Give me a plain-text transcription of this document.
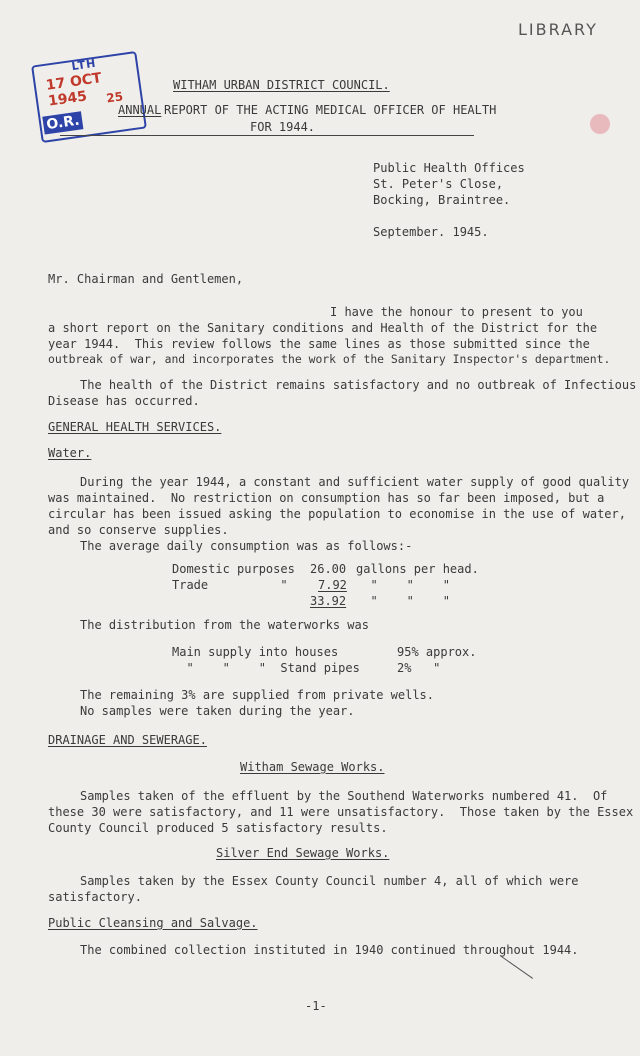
LTH
17 OCT 1945	25
O.R.
LIBRARY
WITHAM URBAN DISTRICT COUNCIL.
ANNUAL REPORT OF THE ACTING MEDICAL OFFICER OF HEALTH
FOR 1944.
Public Health Offices
St. Peter's Close,
Bocking, Braintree.
September. 1945.
Mr. Chairman and Gentlemen,
I have the honour to present to you
a short report on the Sanitary conditions and Health of the District for the
year 1944.  This review follows the same lines as those submitted since the
outbreak of war, and incorporates the work of the Sanitary Inspector's department.
The health of the District remains satisfactory and no outbreak of Infectious
Disease has occurred.
GENERAL HEALTH SERVICES.
Water.
During the year 1944, a constant and sufficient water supply of good quality
was maintained.  No restriction on consumption has so far been imposed, but a
circular has been issued asking the population to economise in the use of water,
and so conserve supplies.
The average daily consumption was as follows:-
Domestic purposes 26.00 gallons per head.
Trade          "	7.92 "    "    "
33.92 "    "    "
The distribution from the waterworks was
Main supply into houses	95% approx.
"    "    "  Stand pipes	2%   "
The remaining 3% are supplied from private wells.
No samples were taken during the year.
DRAINAGE AND SEWERAGE.
Witham Sewage Works.
Samples taken of the effluent by the Southend Waterworks numbered 41.  Of
these 30 were satisfactory, and 11 were unsatisfactory.  Those taken by the Essex
County Council produced 5 satisfactory results.
Silver End Sewage Works.
Samples taken by the Essex County Council number 4, all of which were
satisfactory.
Public Cleansing and Salvage.
The combined collection instituted in 1940 continued throughout 1944.
-1-
